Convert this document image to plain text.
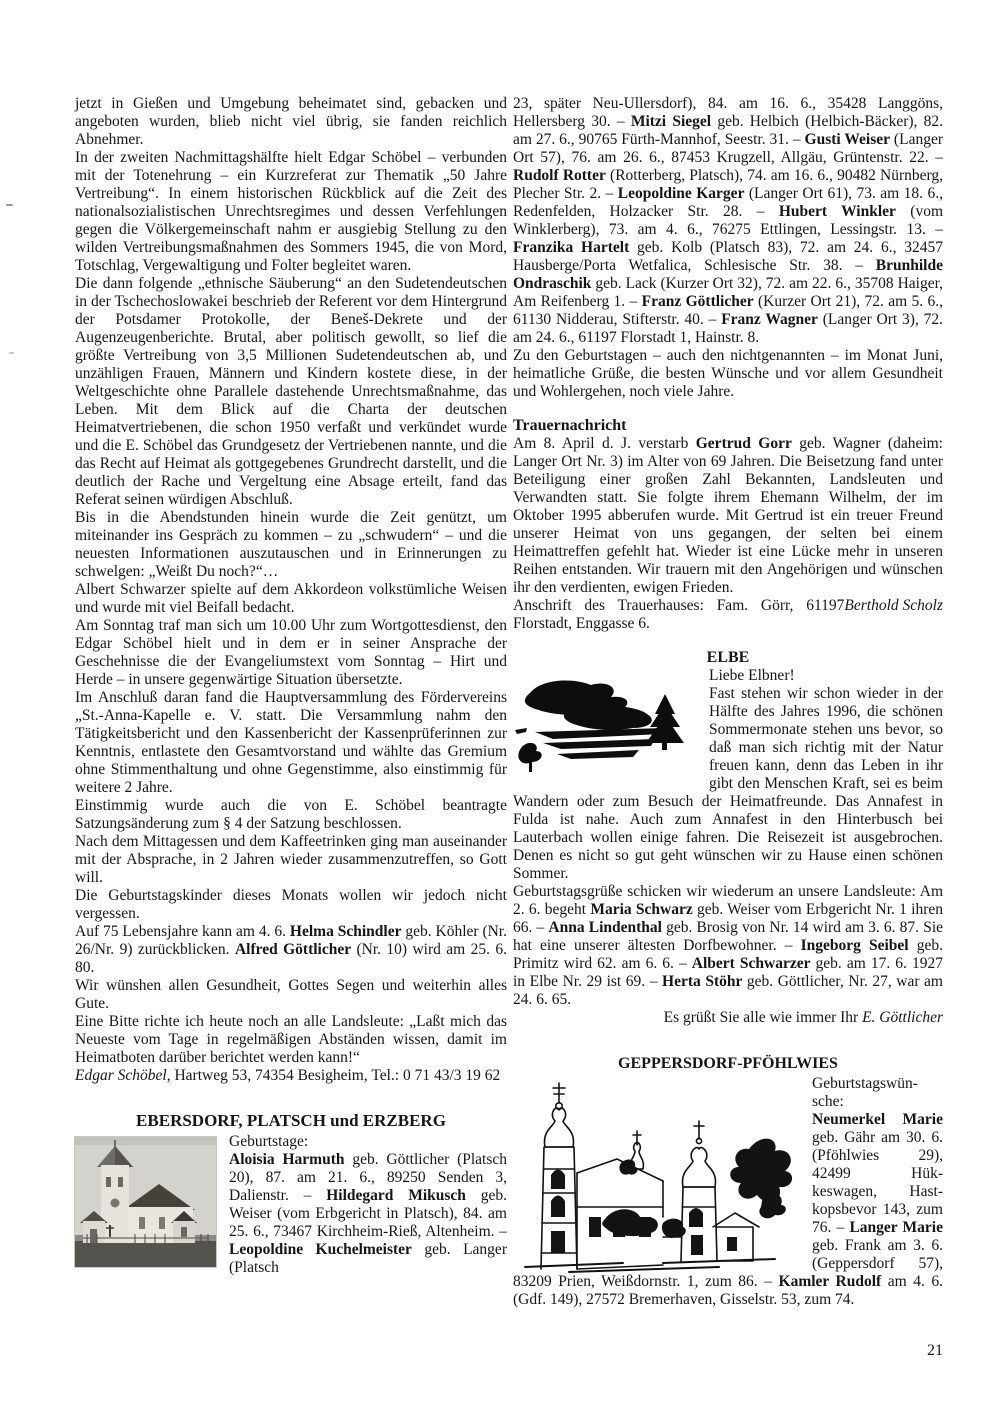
jetzt in Gießen und Umgebung beheimatet sind, gebacken und angeboten wurden, blieb nicht viel übrig, sie fanden reichlich Abnehmer.

In der zweiten Nachmittagshälfte hielt Edgar Schöbel – verbunden mit der Totenehrung – ein Kurzreferat zur Thematik „50 Jahre Vertreibung“. In einem historischen Rückblick auf die Zeit des nationalsozialistischen Unrechtsregimes und dessen Verfehlungen gegen die Völkergemeinschaft nahm er ausgiebig Stellung zu den wilden Vertreibungsmaßnahmen des Sommers 1945, die von Mord, Totschlag, Vergewaltigung und Folter begleitet waren.

Die dann folgende „ethnische Säuberung“ an den Sudetendeutschen in der Tschechoslowakei beschrieb der Referent vor dem Hintergrund der Potsdamer Protokolle, der Beneš-Dekrete und der Augenzeugenberichte. Brutal, aber politisch gewollt, so lief die größte Vertreibung von 3,5 Millionen Sudetendeutschen ab, und unzähligen Frauen, Männern und Kindern kostete diese, in der Weltgeschichte ohne Parallele dastehende Unrechtsmaßnahme, das Leben. Mit dem Blick auf die Charta der deutschen Heimatvertriebenen, die schon 1950 verfaßt und verkündet wurde und die E. Schöbel das Grundgesetz der Vertriebenen nannte, und die das Recht auf Heimat als gottgegebenes Grundrecht darstellt, und die deutlich der Rache und Vergeltung eine Absage erteilt, fand das Referat seinen würdigen Abschluß.

Bis in die Abendstunden hinein wurde die Zeit genützt, um miteinander ins Gespräch zu kommen – zu „schwudern“ – und die neuesten Informationen auszutauschen und in Erinnerungen zu schwelgen: „Weißt Du noch?“…

Albert Schwarzer spielte auf dem Akkordeon volkstümliche Weisen und wurde mit viel Beifall bedacht.

Am Sonntag traf man sich um 10.00 Uhr zum Wortgottesdienst, den Edgar Schöbel hielt und in dem er in seiner Ansprache der Geschehnisse die der Evangeliumstext vom Sonntag – Hirt und Herde – in unsere gegenwärtige Situation übersetzte.

Im Anschluß daran fand die Hauptversammlung des Fördervereins „St.-Anna-Kapelle e. V. statt. Die Versammlung nahm den Tätigkeitsbericht und den Kassenbericht der Kassenprüferinnen zur Kenntnis, entlastete den Gesamtvorstand und wählte das Gremium ohne Stimmenthaltung und ohne Gegenstimme, also einstimmig für weitere 2 Jahre.

Einstimmig wurde auch die von E. Schöbel beantragte Satzungsänderung zum § 4 der Satzung beschlossen.

Nach dem Mittagessen und dem Kaffeetrinken ging man auseinander mit der Absprache, in 2 Jahren wieder zusammenzutreffen, so Gott will.

Die Geburtstagskinder dieses Monats wollen wir jedoch nicht vergessen.

Auf 75 Lebensjahre kann am 4. 6. Helma Schindler geb. Köhler (Nr. 26/Nr. 9) zurückblicken. Alfred Göttlicher (Nr. 10) wird am 25. 6. 80.

Wir wünshen allen Gesundheit, Gottes Segen und weiterhin alles Gute.

Eine Bitte richte ich heute noch an alle Landsleute: „Laßt mich das Neueste vom Tage in regelmäßigen Abständen wissen, damit im Heimatboten darüber berichtet werden kann!“

Edgar Schöbel, Hartweg 53, 74354 Besigheim, Tel.: 0 71 43/3 19 62

EBERSDORF, PLATSCH und ERZBERG
Geburtstage:

Aloisia Harmuth geb. Göttlicher (Platsch 20), 87. am 21. 6., 89250 Senden 3, Dalienstr. – Hildegard Mikusch geb. Weiser (vom Erbgericht in Platsch), 84. am 25. 6., 73467 Kirchheim-Rieß, Altenheim. – Leopoldine Kuchelmeister geb. Langer (Platsch

23, später Neu-Ullersdorf), 84. am 16. 6., 35428 Langgöns, Hellersberg 30. – Mitzi Siegel geb. Helbich (Helbich-Bäcker), 82. am 27. 6., 90765 Fürth-Mannhof, Seestr. 31. – Gusti Weiser (Langer Ort 57), 76. am 26. 6., 87453 Krugzell, Allgäu, Grüntenstr. 22. – Rudolf Rotter (Rotterberg, Platsch), 74. am 16. 6., 90482 Nürnberg, Plecher Str. 2. – Leopoldine Karger (Langer Ort 61), 73. am 18. 6., Redenfelden, Holzacker Str. 28. – Hubert Winkler (vom Winklerberg), 73. am 4. 6., 76275 Ettlingen, Lessingstr. 13. – Franzika Hartelt geb. Kolb (Platsch 83), 72. am 24. 6., 32457 Hausberge/Porta Wetfalica, Schlesische Str. 38. – Brunhilde Ondraschik geb. Lack (Kurzer Ort 32), 72. am 22. 6., 35708 Haiger, Am Reifenberg 1. – Franz Göttlicher (Kurzer Ort 21), 72. am 5. 6., 61130 Nidderau, Stifterstr. 40. – Franz Wagner (Langer Ort 3), 72. am 24. 6., 61197 Florstadt 1, Hainstr. 8.

Zu den Geburtstagen – auch den nichtgenannten – im Monat Juni, heimatliche Grüße, die besten Wünsche und vor allem Gesundheit und Wohlergehen, noch viele Jahre.

Trauernachricht

Am 8. April d. J. verstarb Gertrud Gorr geb. Wagner (daheim: Langer Ort Nr. 3) im Alter von 69 Jahren. Die Beisetzung fand unter Beteiligung einer großen Zahl Bekannten, Landsleuten und Verwandten statt. Sie folgte ihrem Ehemann Wilhelm, der im Oktober 1995 abberufen wurde. Mit Gertrud ist ein treuer Freund unserer Heimat von uns gegangen, der selten bei einem Heimattreffen gefehlt hat. Wieder ist eine Lücke mehr in unseren Reihen entstanden. Wir trauern mit den Angehörigen und wünschen ihr den verdienten, ewigen Frieden.

Berthold Scholz
Anschrift des Trauerhauses: Fam. Görr, 61197 Florstadt, Enggasse 6.

ELBE
Liebe Elbner!

Fast stehen wir schon wieder in der Hälfte des Jahres 1996, die schönen Sommermonate stehen uns bevor, so daß man sich richtig mit der Natur freuen kann, denn das Leben in ihr gibt den Menschen Kraft, sei es beim Wandern oder zum Besuch der Heimatfreunde. Das Annafest in Fulda ist nahe. Auch zum Annafest in den Hinterbusch bei Lauterbach wollen einige fahren. Die Reisezeit ist ausgebrochen. Denen es nicht so gut geht wünschen wir zu Hause einen schönen Sommer.

Geburtstagsgrüße schicken wir wiederum an unsere Landsleute: Am 2. 6. begeht Maria Schwarz geb. Weiser vom Erbgericht Nr. 1 ihren 66. – Anna Lindenthal geb. Brosig von Nr. 14 wird am 3. 6. 87. Sie hat eine unserer ältesten Dorfbewohner. – Ingeborg Seibel geb. Primitz wird 62. am 6. 6. – Albert Schwarzer geb. am 17. 6. 1927 in Elbe Nr. 29 ist 69. – Herta Stöhr geb. Göttlicher, Nr. 27, war am 24. 6. 65.

Es grüßt Sie alle wie immer Ihr E. Göttlicher

GEPPERSDORF-PFÖHLWIES
Geburtstagswünsche:

Neumerkel Marie geb. Gähr am 30. 6. (Pföhlwies 29), 42499 Hükkeswagen, Hastkopsbevor 143, zum 76. – Langer Marie geb. Frank am 3. 6. (Geppersdorf 57), 83209 Prien, Weißdornstr. 1, zum 86. – Kamler Rudolf am 4. 6. (Gdf. 149), 27572 Bremerhaven, Gisselstr. 53, zum 74.

21
